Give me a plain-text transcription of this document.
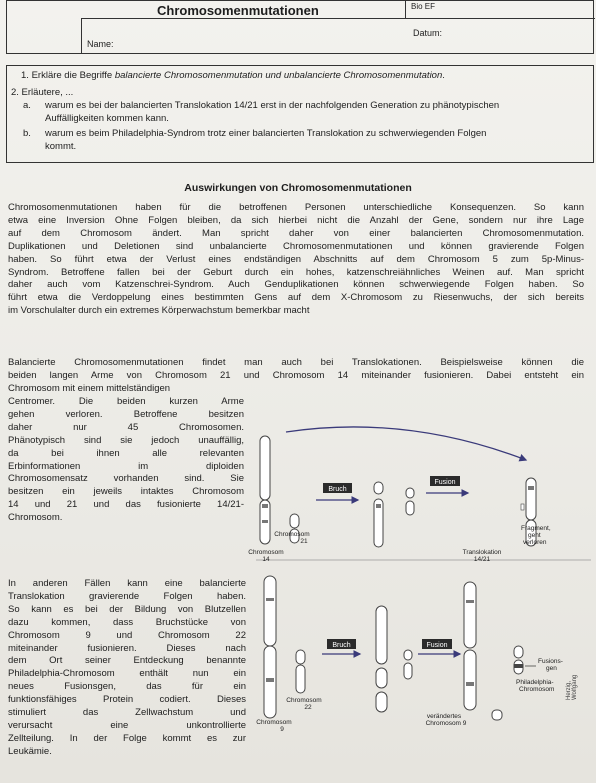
Chromosomenmutationen	Bio EF
Name:
Datum:
1. Erkläre die Begriffe balancierte Chromosomenmutation und unbalancierte Chromosomenmutation.
2. Erläutere, ...
a. warum es bei der balancierten Translokation 14/21 erst in der nachfolgenden Generation zu phänotypischen Auffälligkeiten kommen kann.
b. warum es beim Philadelphia-Syndrom trotz einer balancierten Translokation zu schwerwiegenden Folgen kommt.
Auswirkungen von Chromosomenmutationen
Chromosomenmutationen haben für die betroffenen Personen unterschiedliche Konsequenzen. So kann
etwa eine Inversion Ohne Folgen bleiben, da sich hierbei nicht die Anzahl der Gene, sondern nur ihre Lage
auf dem Chromosom ändert. Man spricht daher von einer balancierten Chromosomenmutation.
Duplikationen und Deletionen sind unbalancierte Chromosomenmutationen und können gravierende Folgen
haben. So führt etwa der Verlust eines endständigen Abschnitts auf dem Chromosom 5 zum 5p-Minus-
Syndrom. Betroffene fallen bei der Geburt durch ein hohes, katzenschreiähnliches Weinen auf. Man spricht
daher auch vom Katzenschrei-Syndrom. Auch Genduplikationen können schwerwiegende Folgen haben. So
führt etwa die Verdoppelung eines bestimmten Gens auf dem X-Chromosom zu Riesenwuchs, der sich bereits
im Vorschulalter durch ein extremes Körperwachstum bemerkbar macht
Balancierte Chromosomenmutationen findet man auch bei Translokationen. Beispielsweise können die
beiden langen Arme von Chromosom 21 und Chromosom 14 miteinander fusionieren. Dabei entsteht ein
Chromosom mit einem mittelständigen
Centromer. Die beiden kurzen Arme
gehen verloren. Betroffene besitzen
daher nur 45 Chromosomen.
Phänotypisch sind sie jedoch unauffällig,
da bei ihnen alle relevanten
Erbinformationen im diploiden
Chromosomensatz vorhanden sind. Sie
besitzen ein jeweils intaktes Chromosom
14 und 21 und das fusionierte 14/21-
Chromosom.
In anderen Fällen kann eine balancierte
Translokation gravierende Folgen haben.
So kann es bei der Bildung von Blutzellen
dazu kommen, dass Bruchstücke von
Chromosom 9 und Chromosom 22
miteinander fusionieren. Dieses nach
dem Ort seiner Entdeckung benannte
Philadelphia-Chromosom enthält nun ein
neues Fusionsgen, das für ein
funktionsfähiges Protein codiert. Dieses
stimuliert das Zellwachstum und
verursacht eine unkontrollierte
Zellteilung. In der Folge kommt es zur
Leukämie.
Bruch
Fusion
Fragment,
geht
verloren
Chromosom
21
Chromosom
14
Translokation
14/21
Bruch	Fusion
Fusions-
gen
Philadelphia-
Chromosom
Chromosom
22
Chromosom
9
verändertes
Chromosom 9
Herzig, Wolfgang
